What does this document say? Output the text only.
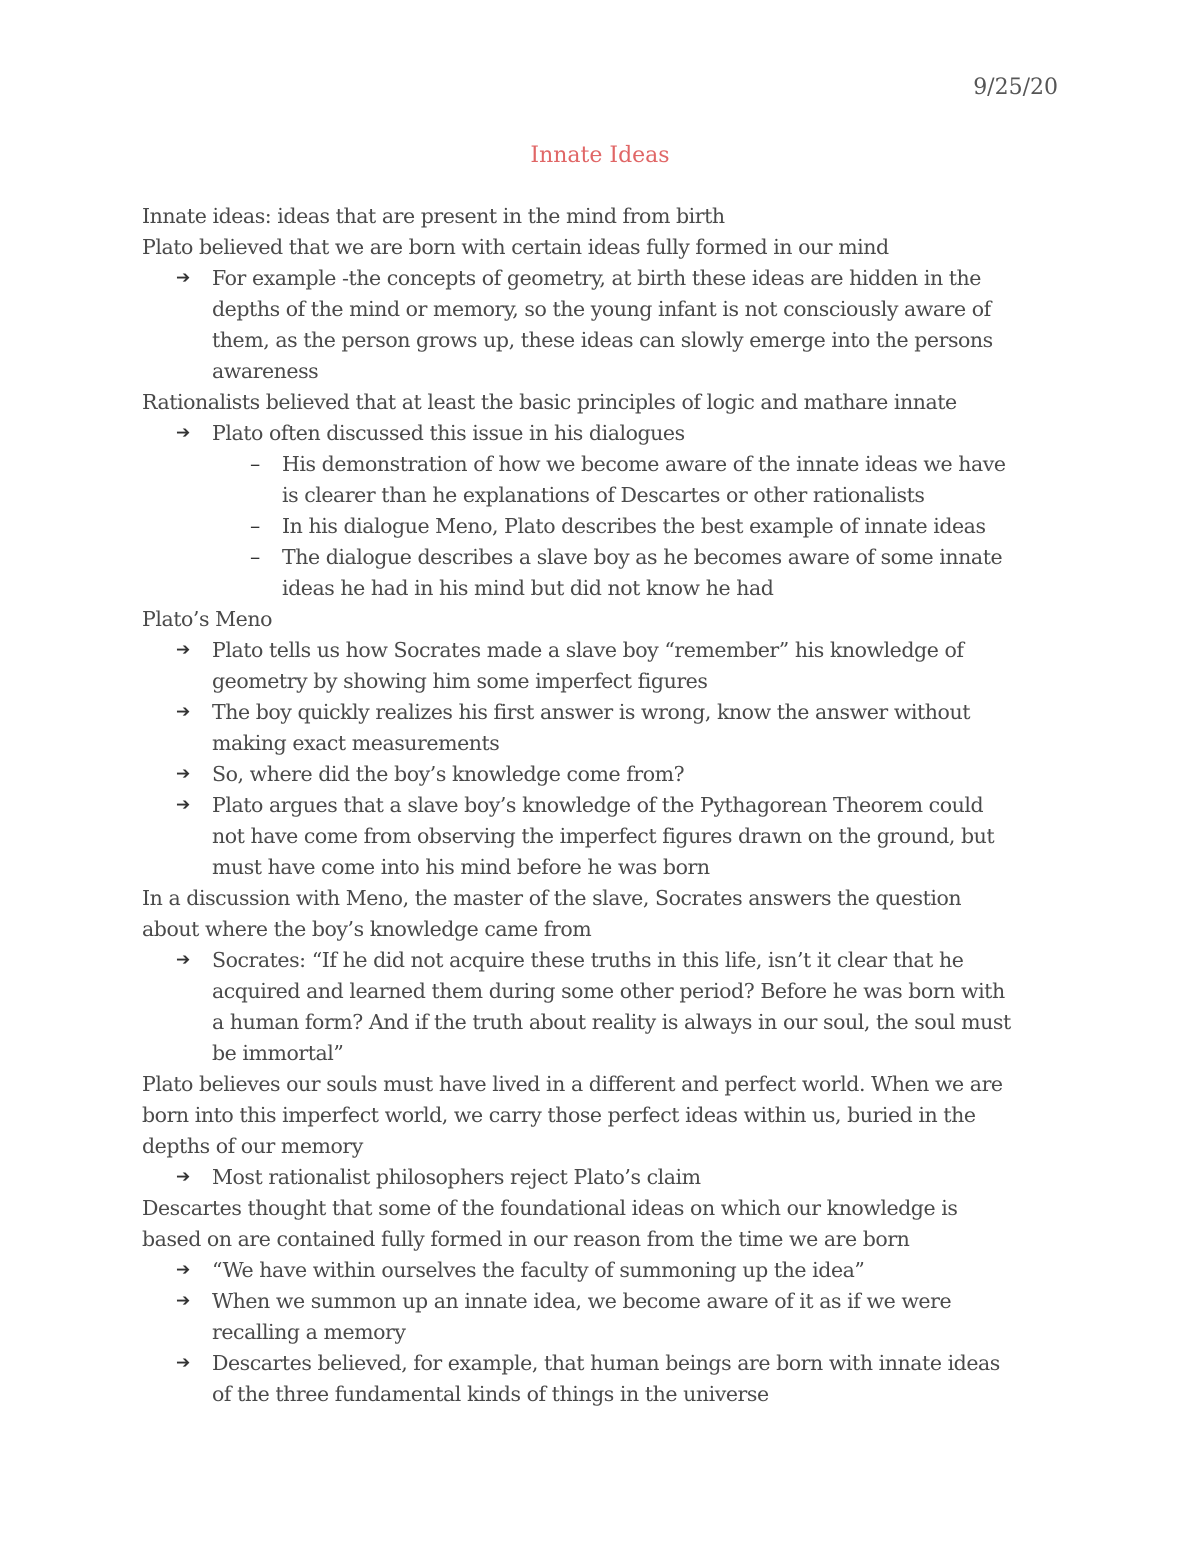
9/25/20
Innate Ideas

Innate ideas: ideas that are present in the mind from birth

Plato believed that we are born with certain ideas fully formed in our mind

➔ For example -the concepts of geometry, at birth these ideas are hidden in the
depths of the mind or memory, so the young infant is not consciously aware of
them, as the person grows up, these ideas can slowly emerge into the persons
awareness

Rationalists believed that at least the basic principles of logic and mathare innate

➔ Plato often discussed this issue in his dialogues
– His demonstration of how we become aware of the innate ideas we have
is clearer than he explanations of Descartes or other rationalists
– In his dialogue Meno, Plato describes the best example of innate ideas
– The dialogue describes a slave boy as he becomes aware of some innate
ideas he had in his mind but did not know he had

Plato’s Meno

➔ Plato tells us how Socrates made a slave boy “remember” his knowledge of
geometry by showing him some imperfect figures
➔ The boy quickly realizes his first answer is wrong, know the answer without
making exact measurements
➔ So, where did the boy’s knowledge come from?
➔ Plato argues that a slave boy’s knowledge of the Pythagorean Theorem could
not have come from observing the imperfect figures drawn on the ground, but
must have come into his mind before he was born
In a discussion with Meno, the master of the slave, Socrates answers the question
about where the boy’s knowledge came from
➔ Socrates: “If he did not acquire these truths in this life, isn’t it clear that he
acquired and learned them during some other period? Before he was born with
a human form? And if the truth about reality is always in our soul, the soul must
be immortal”
Plato believes our souls must have lived in a different and perfect world. When we are
born into this imperfect world, we carry those perfect ideas within us, buried in the
depths of our memory
➔ Most rationalist philosophers reject Plato’s claim
Descartes thought that some of the foundational ideas on which our knowledge is
based on are contained fully formed in our reason from the time we are born
➔ “We have within ourselves the faculty of summoning up the idea”
➔ When we summon up an innate idea, we become aware of it as if we were
recalling a memory
➔ Descartes believed, for example, that human beings are born with innate ideas
of the three fundamental kinds of things in the universe
